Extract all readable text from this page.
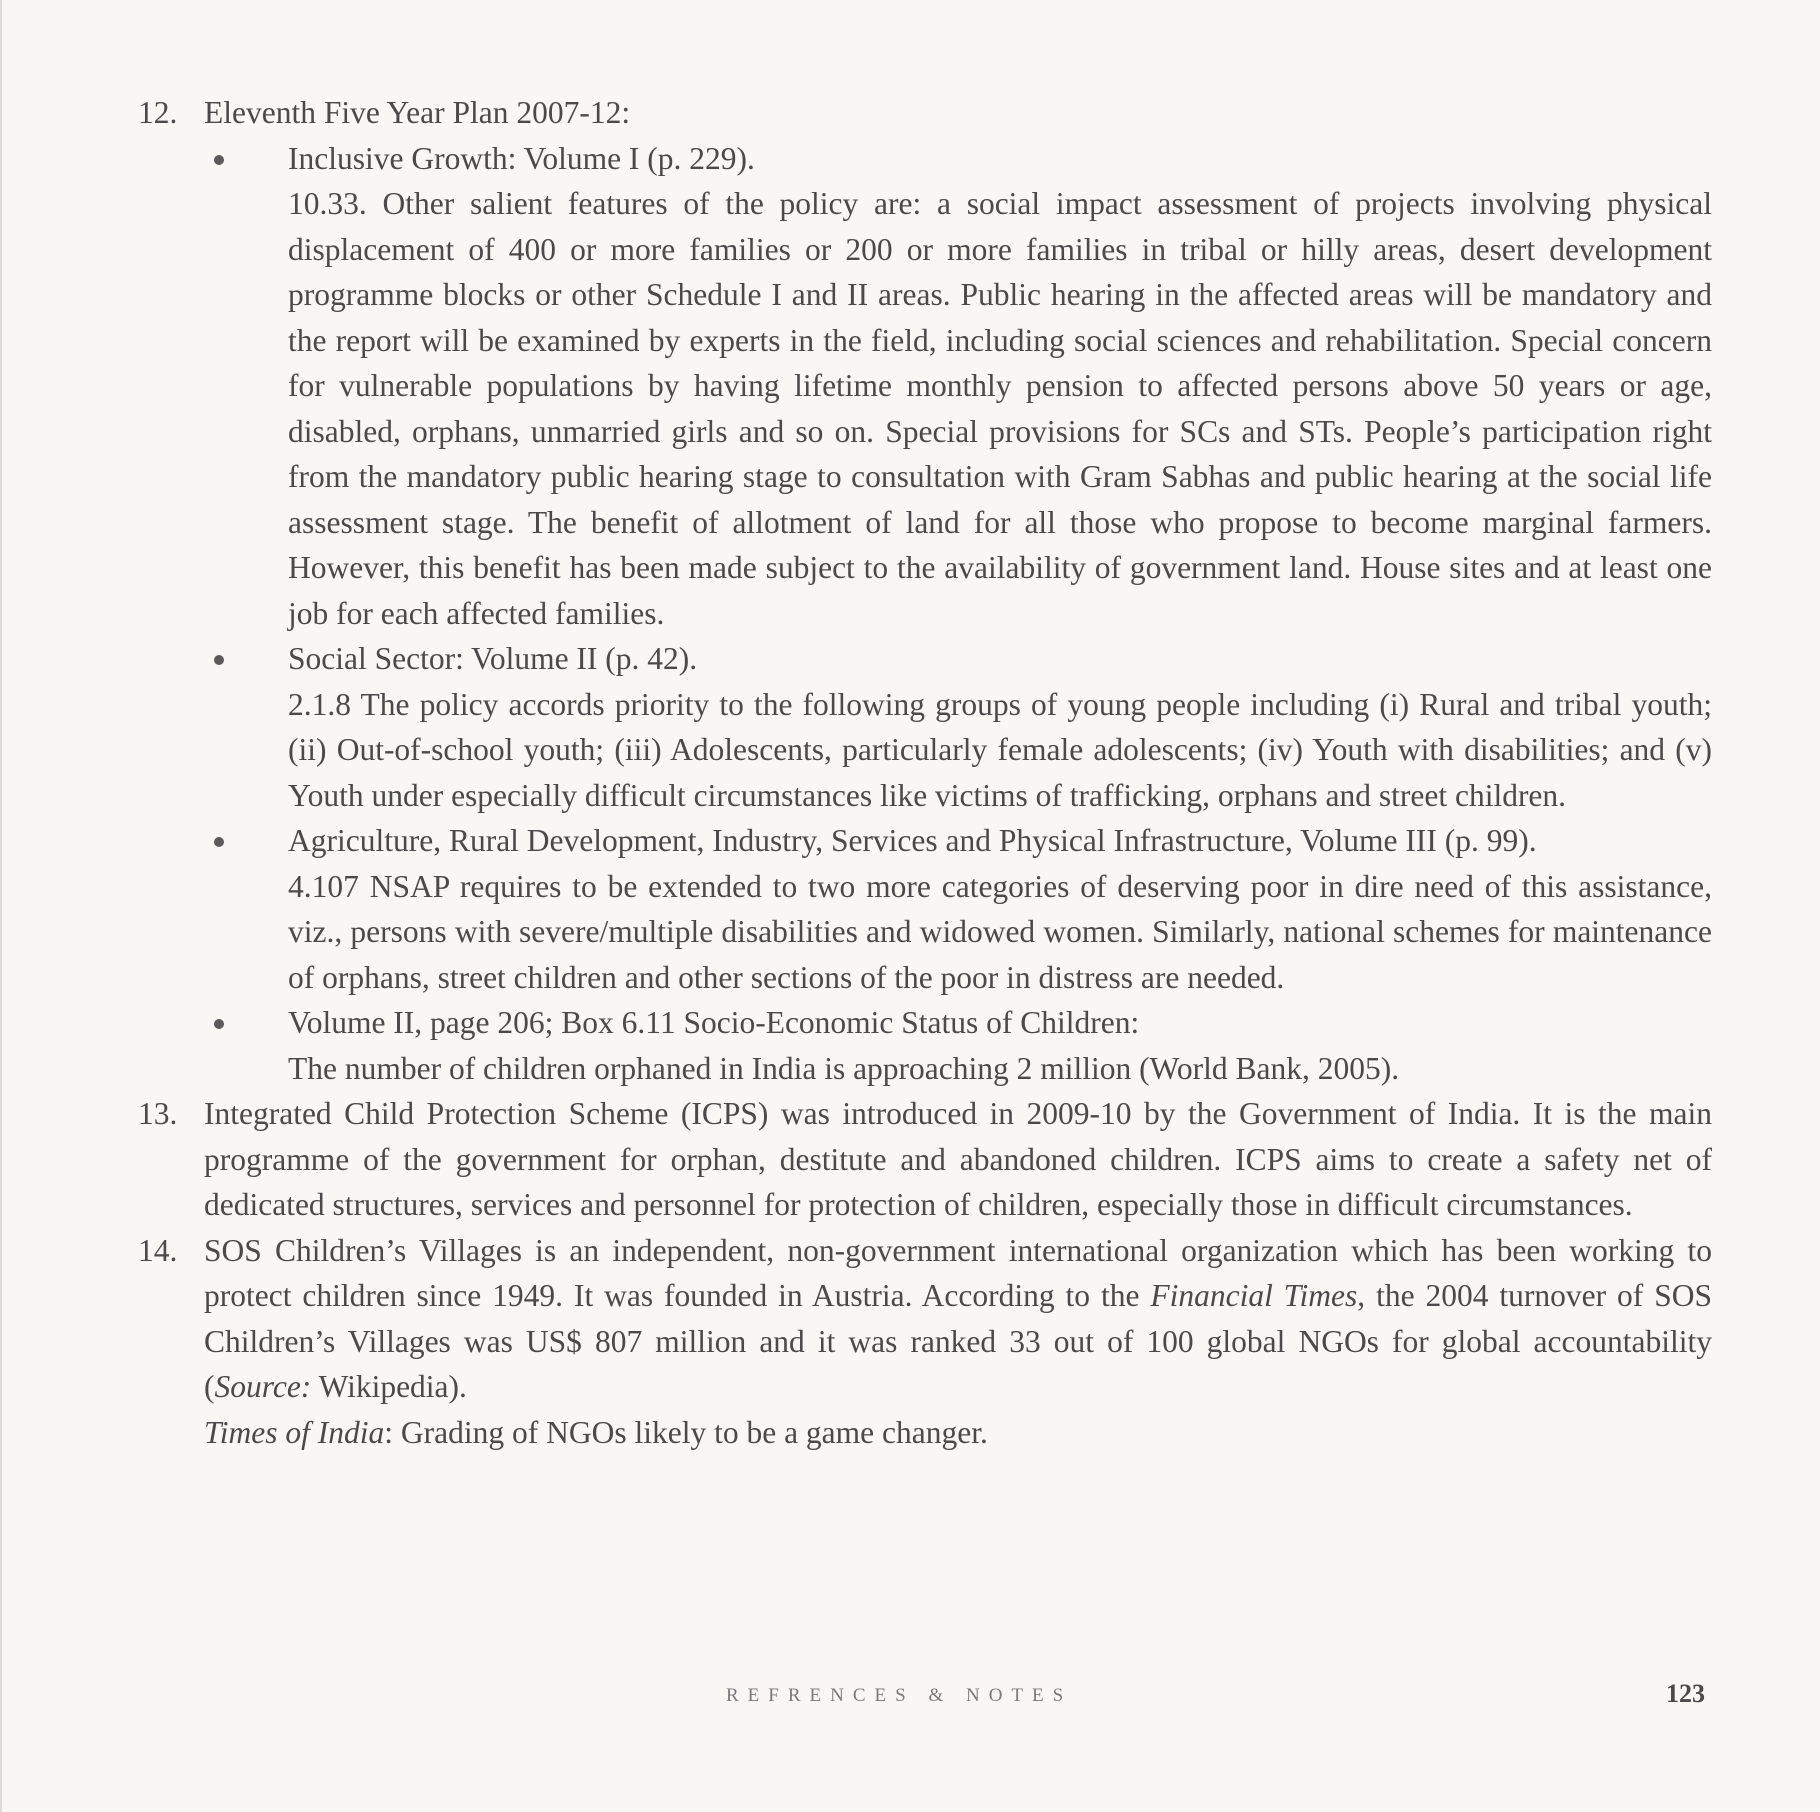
12. Eleventh Five Year Plan 2007-12:

Inclusive Growth: Volume I (p. 229).

10.33. Other salient features of the policy are: a social impact assessment of projects involving physical displacement of 400 or more families or 200 or more families in tribal or hilly areas, desert development programme blocks or other Schedule I and II areas. Public hearing in the affected areas will be mandatory and the report will be examined by experts in the field, including social sciences and rehabilitation. Special concern for vulnerable populations by having lifetime monthly pension to affected persons above 50 years or age, disabled, orphans, unmarried girls and so on. Special provisions for SCs and STs. People’s participation right from the mandatory public hearing stage to consultation with Gram Sabhas and public hearing at the social life assessment stage. The benefit of allotment of land for all those who propose to become marginal farmers. However, this benefit has been made subject to the availability of government land. House sites and at least one job for each affected families.

Social Sector: Volume II (p. 42).

2.1.8 The policy accords priority to the following groups of young people including (i) Rural and tribal youth; (ii) Out-of-school youth; (iii) Adolescents, particularly female adolescents; (iv) Youth with disabilities; and (v) Youth under especially difficult circumstances like victims of trafficking, orphans and street children.

Agriculture, Rural Development, Industry, Services and Physical Infrastructure, Volume III (p. 99).

4.107 NSAP requires to be extended to two more categories of deserving poor in dire need of this assistance, viz., persons with severe/multiple disabilities and widowed women. Similarly, national schemes for maintenance of orphans, street children and other sections of the poor in distress are needed.

Volume II, page 206; Box 6.11 Socio-Economic Status of Children:

The number of children orphaned in India is approaching 2 million (World Bank, 2005).

13. Integrated Child Protection Scheme (ICPS) was introduced in 2009-10 by the Government of India. It is the main programme of the government for orphan, destitute and abandoned children. ICPS aims to create a safety net of dedicated structures, services and personnel for protection of children, especially those in difficult circumstances.

14. SOS Children’s Villages is an independent, non-government international organization which has been working to protect children since 1949. It was founded in Austria. According to the Financial Times, the 2004 turnover of SOS Children’s Villages was US$ 807 million and it was ranked 33 out of 100 global NGOs for global accountability (Source: Wikipedia).

Times of India: Grading of NGOs likely to be a game changer.

REFRENCES & NOTES	123
